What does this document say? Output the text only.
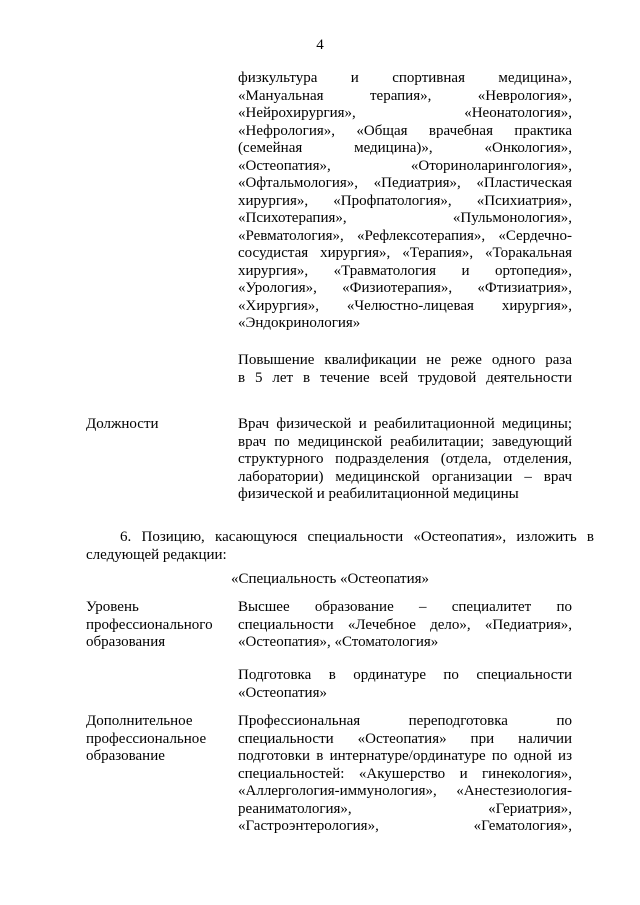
4
физкультура и спортивная медицина»,
«Мануальная терапия», «Неврология»,
«Нейрохирургия», «Неонатология»,
«Нефрология», «Общая врачебная практика
(семейная медицина)», «Онкология»,
«Остеопатия», «Оториноларингология»,
«Офтальмология», «Педиатрия», «Пластическая
хирургия», «Профпатология», «Психиатрия»,
«Психотерапия», «Пульмонология»,
«Ревматология», «Рефлексотерапия», «Сердечно-
сосудистая хирургия», «Терапия», «Торакальная
хирургия», «Травматология и ортопедия»,
«Урология», «Физиотерапия», «Фтизиатрия»,
«Хирургия», «Челюстно-лицевая хирургия»,
«Эндокринология»
Повышение квалификации не реже одного раза
в 5 лет в течение всей трудовой деятельности
Должности	Врач физической и реабилитационной медицины;
врач по медицинской реабилитации; заведующий
структурного подразделения (отдела, отделения,
лаборатории) медицинской организации – врач
физической и реабилитационной медицины
6. Позицию, касающуюся специальности «Остеопатия», изложить в
следующей редакции:
«Специальность «Остеопатия»
Уровень
профессионального
образования
Высшее образование – специалитет по
специальности «Лечебное дело», «Педиатрия»,
«Остеопатия», «Стоматология»
Подготовка в ординатуре по специальности
«Остеопатия»
Дополнительное
профессиональное
образование
Профессиональная переподготовка по
специальности «Остеопатия» при наличии
подготовки в интернатуре/ординатуре по одной из
специальностей: «Акушерство и гинекология»,
«Аллергология-иммунология», «Анестезиология-
реаниматология», «Гериатрия»,
«Гастроэнтерология», «Гематология»,
